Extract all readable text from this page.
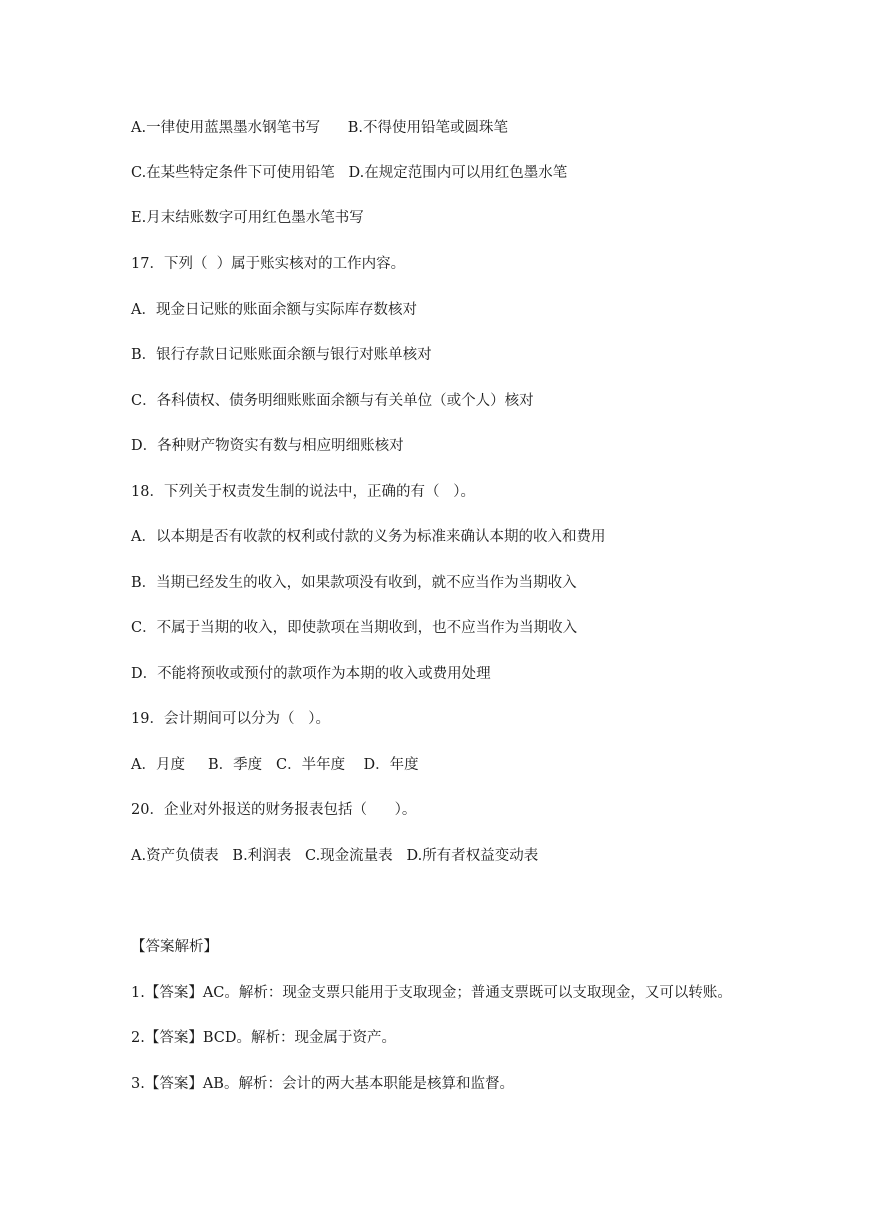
A.一律使用蓝黑墨水钢笔书写      B.不得使用铅笔或圆珠笔
C.在某些特定条件下可使用铅笔   D.在规定范围内可以用红色墨水笔
E.月末结账数字可用红色墨水笔书写
17．下列（  ）属于账实核对的工作内容。
A．现金日记账的账面余额与实际库存数核对
B．银行存款日记账账面余额与银行对账单核对
C．各科债权、债务明细账账面余额与有关单位（或个人）核对
D．各种财产物资实有数与相应明细账核对
18．下列关于权责发生制的说法中，正确的有（   ）。
A．以本期是否有收款的权利或付款的义务为标准来确认本期的收入和费用
B．当期已经发生的收入，如果款项没有收到，就不应当作为当期收入
C．不属于当期的收入，即使款项在当期收到，也不应当作为当期收入
D．不能将预收或预付的款项作为本期的收入或费用处理
19．会计期间可以分为（   ）。
A．月度     B．季度   C．半年度    D．年度
20．企业对外报送的财务报表包括（      ）。
A.资产负债表   B.利润表   C.现金流量表   D.所有者权益变动表
【答案解析】
1.【答案】AC。解析：现金支票只能用于支取现金；普通支票既可以支取现金，又可以转账。
2.【答案】BCD。解析：现金属于资产。
3.【答案】AB。解析：会计的两大基本职能是核算和监督。
